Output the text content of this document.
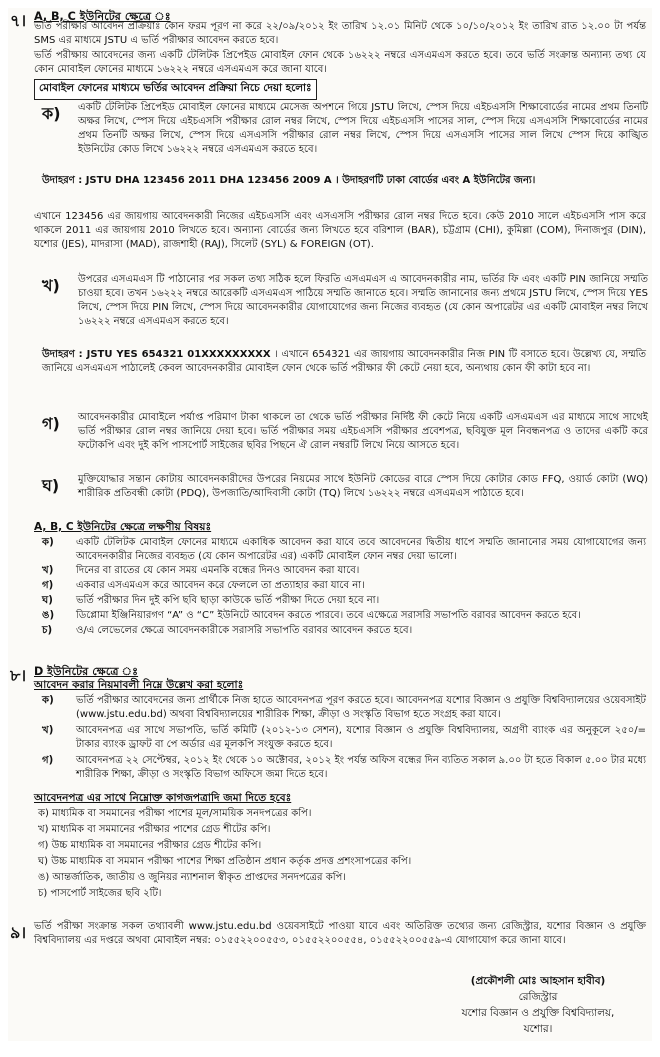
৭। A, B, C ইউনিটের ক্ষেত্রে ঃ
ভর্তি পরীক্ষার আবেদন প্রক্রিয়াঃ কোন ফরম পূরণ না করে ২২/০৯/২০১২ ইং তারিখ ১২.০১ মিনিট থেকে ১০/১০/২০১২ ইং তারিখ রাত ১২.০০ টা পর্যন্ত SMS এর মাধ্যমে JSTU এ ভর্তি পরীক্ষার আবেদন করতে হবে।
ভর্তি পরীক্ষায় আবেদনের জন্য একটি টেলিটক প্রিপেইড মোবাইল ফোন থেকে ১৬২২২ নম্বরে এসএমএস করতে হবে। তবে ভর্তি সংক্রান্ত অন্যান্য তথ্য যে কোন মোবাইল ফোনের মাধ্যমে ১৬২২২ নম্বরে এসএমএস করে জানা যাবে।
মোবাইল ফোনের মাধ্যমে ভর্তির আবেদন প্রক্রিয়া নিচে দেয়া হলোঃ
ক) একটি টেলিটক প্রিপেইড মোবাইল ফোনের মাধ্যমে মেসেজ অপশনে গিয়ে JSTU লিখে, স্পেস দিয়ে এইচএসসি শিক্ষাবোর্ডের নামের প্রথম তিনটি অক্ষর লিখে, স্পেস দিয়ে এইচএসসি পরীক্ষার রোল নম্বর লিখে, স্পেস দিয়ে এইচএসসি পাসের সাল, স্পেস দিয়ে এসএসসি শিক্ষাবোর্ডের নামের প্রথম তিনটি অক্ষর লিখে, স্পেস দিয়ে এসএসসি পরীক্ষার রোল নম্বর লিখে, স্পেস দিয়ে এসএসসি পাসের সাল লিখে স্পেস দিয়ে কাঙ্খিত ইউনিটের কোড লিখে ১৬২২২ নম্বরে এসএমএস করতে হবে।
উদাহরণ : JSTU DHA 123456 2011 DHA 123456 2009 A । উদাহরণটি ঢাকা বোর্ডের এবং A ইউনিটের জন্য।
এখানে 123456 এর জায়গায় আবেদনকারী নিজের এইচএসসি এবং এসএসসি পরীক্ষার রোল নম্বর দিতে হবে। কেউ 2010 সালে এইচএসসি পাস করে থাকলে 2011 এর জায়গায় 2010 লিখতে হবে। অন্যান্য বোর্ডের জন্য লিখতে হবে বরিশাল (BAR), চট্টগ্রাম (CHI), কুমিল্লা (COM), দিনাজপুর (DIN), যশোর (JES), মাদরাসা (MAD), রাজশাহী (RAJ), সিলেট (SYL) & FOREIGN (OT).
খ) উপরের এসএমএস টি পাঠানোর পর সকল তথ্য সঠিক হলে ফিরতি এসএমএস এ আবেদনকারীর নাম, ভর্তির ফি এবং একটি PIN জানিয়ে সম্মতি চাওয়া হবে। তখন ১৬২২২ নম্বরে আরেকটি এসএমএস পাঠিয়ে সম্মতি জানাতে হবে। সম্মতি জানানোর জন্য প্রথমে JSTU লিখে, স্পেস দিয়ে YES লিখে, স্পেস দিয়ে PIN লিখে, স্পেস দিয়ে আবেদনকারীর যোগাযোগের জন্য নিজের ব্যবহৃত (যে কোন অপারেটর এর একটি মোবাইল নম্বর লিখে ১৬২২২ নম্বরে এসএমএস করতে হবে।
উদাহরণ : JSTU YES 654321 01XXXXXXXXX । এখানে 654321 এর জায়গায় আবেদনকারীর নিজ PIN টি বসাতে হবে। উল্লেখ্য যে, সম্মতি জানিয়ে এসএমএস পাঠালেই কেবল আবেদনকারীর মোবাইল ফোন থেকে ভর্তি পরীক্ষার ফী কেটে নেয়া হবে, অন্যথায় কোন ফী কাটা হবে না।
গ) আবেদনকারীর মোবাইলে পর্যাপ্ত পরিমাণ টাকা থাকলে তা থেকে ভর্তি পরীক্ষার নির্দিষ্ট ফী কেটে নিয়ে একটি এসএমএস এর মাধ্যমে সাথে সাথেই ভর্তি পরীক্ষার রোল নম্বর জানিয়ে দেয়া হবে। ভর্তি পরীক্ষার সময় এইচএসসি পরীক্ষার প্রবেশপত্র, ছবিযুক্ত মূল নিবন্ধনপত্র ও তাদের একটি করে ফটোকপি এবং দুই কপি পাসপোর্ট সাইজের ছবির পিছনে ঐ রোল নম্বরটি লিখে নিয়ে আসতে হবে।
ঘ) মুক্তিযোদ্ধার সন্তান কোটায় আবেদনকারীদের উপরের নিয়মের সাথে ইউনিট কোডের বারে স্পেস দিয়ে কোটার কোড FFQ, ওয়ার্ড কোটা (WQ) শারীরিক প্রতিবন্ধী কোটা (PDQ), উপজাতি/আদিবাসী কোটা (TQ) লিখে ১৬২২২ নম্বরে এসএমএস পাঠাতে হবে।
A, B, C ইউনিটের ক্ষেত্রে লক্ষণীয় বিষয়ঃ
ক) একটি টেলিটক মোবাইল ফোনের মাধ্যমে একাধিক আবেদন করা যাবে তবে আবেদনের দ্বিতীয় ধাপে সম্মতি জানানোর সময় যোগাযোগের জন্য আবেদনকারীর নিজের ব্যবহৃত (যে কোন অপারেটর এর) একটি মোবাইল ফোন নম্বর দেয়া ভালো।
খ) দিনের বা রাতের যে কোন সময় এমনকি বন্ধের দিনও আবেদন করা যাবে।
গ) একবার এসএমএস করে আবেদন করে ফেললে তা প্রত্যাহার করা যাবে না।
ঘ) ভর্তি পরীক্ষার দিন দুই কপি ছবি ছাড়া কাউকে ভর্তি পরীক্ষা দিতে দেয়া হবে না।
ঙ) ডিপ্লোমা ইঞ্জিনিয়ারগণ “A” ও “C” ইউনিটে আবেদন করতে পারবে। তবে এক্ষেত্রে সরাসরি সভাপতি বরাবর আবেদন করতে হবে।
চ) ও/এ লেভেলের ক্ষেত্রে আবেদনকারীকে সরাসরি সভাপতি বরাবর আবেদন করতে হবে।
৮। D ইউনিটের ক্ষেত্রে ঃ
আবেদন করার নিয়মাবলী নিম্নে উল্লেখ করা হলোঃ
ক) ভর্তি পরীক্ষার আবেদনের জন্য প্রার্থীকে নিজ হাতে আবেদনপত্র পূরণ করতে হবে। আবেদনপত্র যশোর বিজ্ঞান ও প্রযুক্তি বিশ্ববিদ্যালয়ের ওয়েবসাইট (www.jstu.edu.bd) অথবা বিশ্ববিদ্যালয়ের শারীরিক শিক্ষা, ক্রীড়া ও সংস্কৃতি বিভাগ হতে সংগ্রহ করা যাবে।
খ) আবেদনপত্র এর সাথে সভাপতি, ভর্তি কমিটি (২০১২-১৩ সেশন), যশোর বিজ্ঞান ও প্রযুক্তি বিশ্ববিদ্যালয়, অগ্রণী ব্যাংক এর অনুকূলে ২৫০/= টাকার ব্যাংক ড্রাফট বা পে অর্ডার এর মূলকপি সংযুক্ত করতে হবে।
গ) আবেদনপত্র ২২ সেপ্টেম্বর, ২০১২ ইং থেকে ১০ অক্টোবর, ২০১২ ইং পর্যন্ত অফিস বন্ধের দিন ব্যতিত সকাল ৯.০০ টা হতে বিকাল ৫.০০ টার মধ্যে শারীরিক শিক্ষা, ক্রীড়া ও সংস্কৃতি বিভাগ অফিসে জমা দিতে হবে।
আবেদনপত্র এর সাথে নিম্নোক্ত কাগজপত্রাদি জমা দিতে হবেঃ
ক) মাধ্যমিক বা সমমানের পরীক্ষা পাশের মূল/সাময়িক সনদপত্রের কপি।
খ) মাধ্যমিক বা সমমানের পরীক্ষার পাশের গ্রেড শীটের কপি।
গ) উচ্চ মাধ্যমিক বা সমমানের পরীক্ষার গ্রেড শীটের কপি।
ঘ) উচ্চ মাধ্যমিক বা সমমান পরীক্ষা পাশের শিক্ষা প্রতিষ্ঠান প্রধান কর্তৃক প্রদত্ত প্রশংসাপত্রের কপি।
ঙ) আন্তর্জাতিক, জাতীয় ও জুনিয়র ন্যাশনাল স্বীকৃত প্রাপ্তদের সনদপত্রের কপি।
চ) পাসপোর্ট সাইজের ছবি ২টি।
৯। ভর্তি পরীক্ষা সংক্রান্ত সকল তথ্যাবলী www.jstu.edu.bd ওয়েবসাইটে পাওয়া যাবে এবং অতিরিক্ত তথ্যের জন্য রেজিস্ট্রার, যশোর বিজ্ঞান ও প্রযুক্তি বিশ্ববিদ্যালয় এর দপ্তরে অথবা মোবাইল নম্বর: ০১৫৫২২০০৫৫৩, ০১৫৫২২০০৫৫৪, ০১৫৫২২০০৫৫৯-এ যোগাযোগ করে জানা যাবে।
(প্রকৌশলী মোঃ আহসান হাবীব)
রেজিস্ট্রার
যশোর বিজ্ঞান ও প্রযুক্তি বিশ্ববিদ্যালয়,
যশোর।
